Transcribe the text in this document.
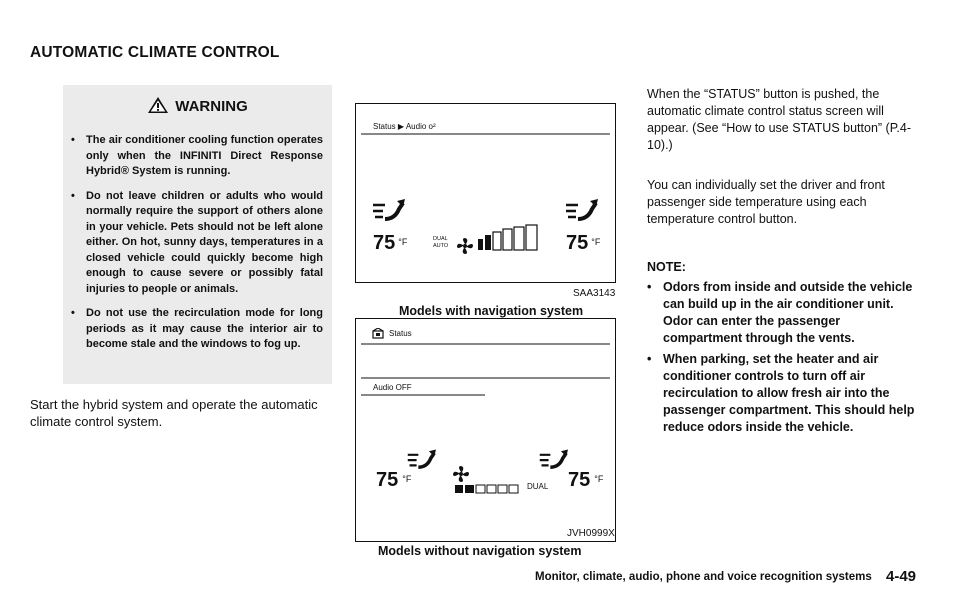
AUTOMATIC CLIMATE CONTROL
WARNING
• The air conditioner cooling function operates only when the INFINITI Direct Response Hybrid® System is running.
• Do not leave children or adults who would normally require the support of others alone in your vehicle. Pets should not be left alone either. On hot, sunny days, temperatures in a closed vehicle could quickly become high enough to cause severe or possibly fatal injuries to people or animals.
• Do not use the recirculation mode for long periods as it may cause the interior air to become stale and the windows to fog up.
Start the hybrid system and operate the automatic climate control system.
Status ▶ Audio o²
75 $^{^\circ F}$	DUAL
AUTO	75 $^{^\circ F}$
SAA3143
Models with navigation system
Status
Audio OFF
75 $^{^\circ F}$
DUAL 75 $^{^\circ F}$
JVH0999X
Models without navigation system
When the “STATUS” button is pushed, the automatic climate control status screen will appear. (See “How to use STATUS button” (P.4-10).)
You can individually set the driver and front passenger side temperature using each temperature control button.
NOTE:
• Odors from inside and outside the vehicle can build up in the air conditioner unit. Odor can enter the passenger compartment through the vents.
• When parking, set the heater and air conditioner controls to turn off air recirculation to allow fresh air into the passenger compartment. This should help reduce odors inside the vehicle.
Monitor, climate, audio, phone and voice recognition systems 4-49
